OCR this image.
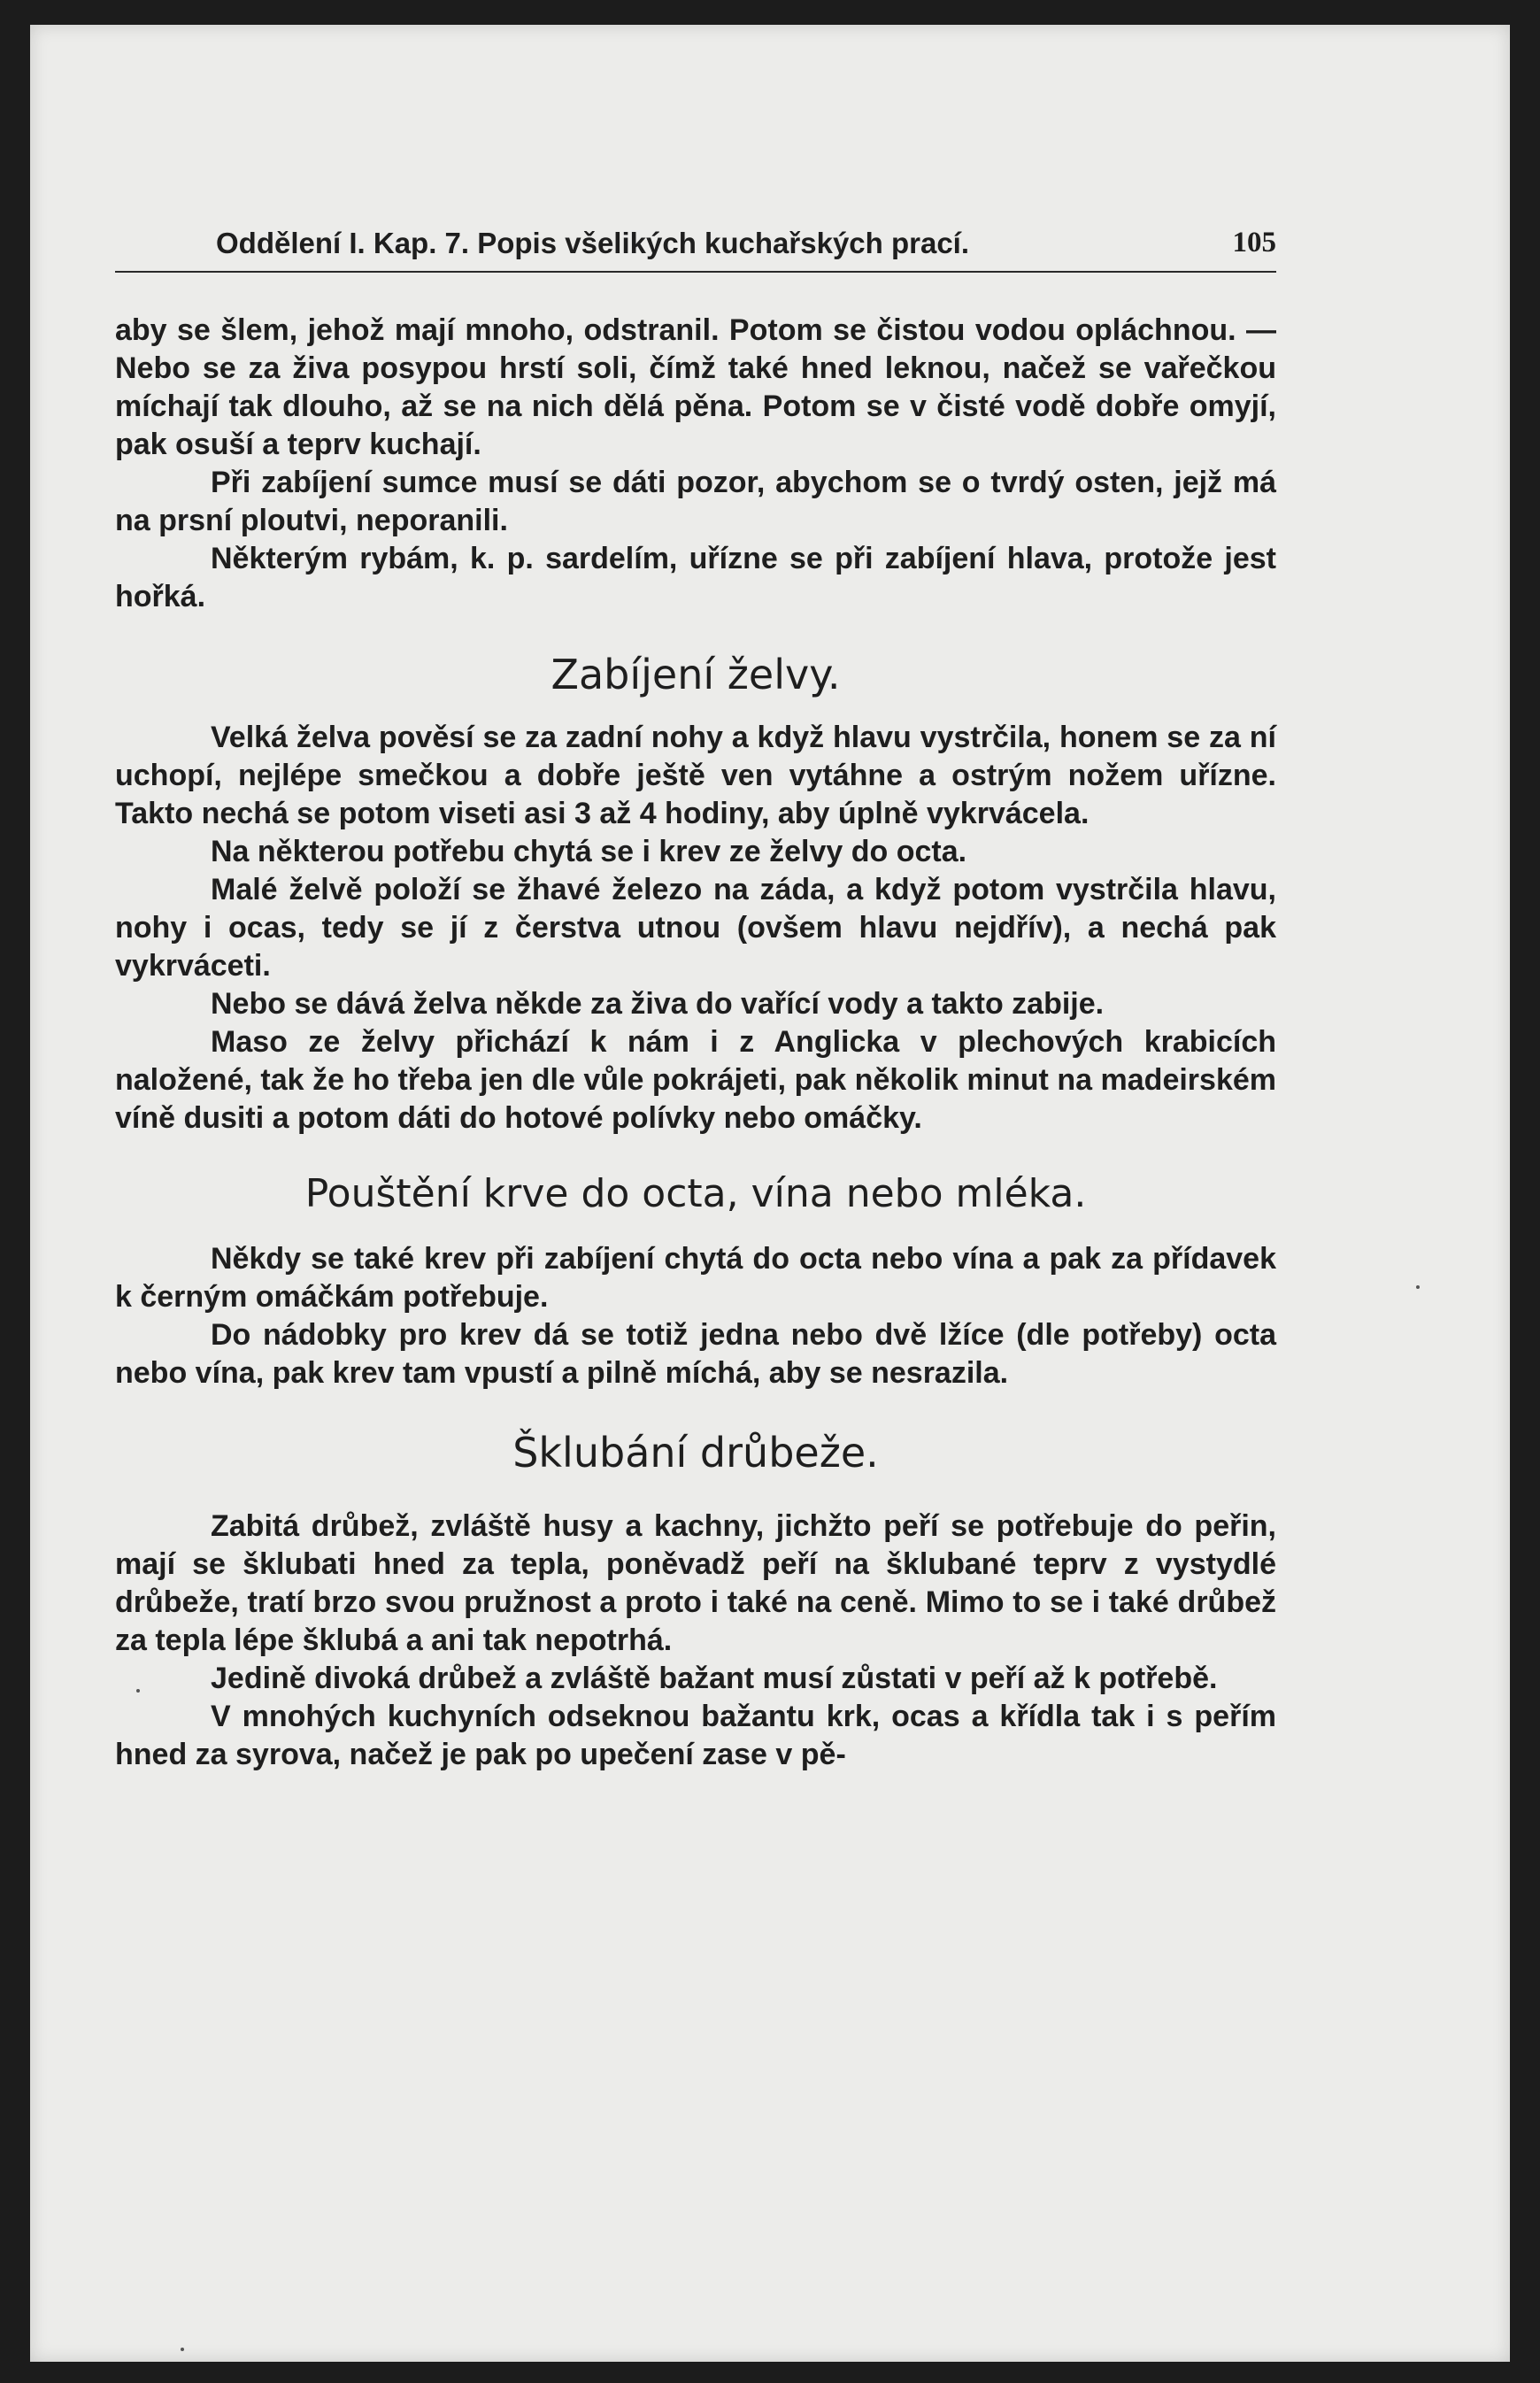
Oddělení I. Kap. 7. Popis všelikých kuchařských prací.	105

aby se šlem, jehož mají mnoho, odstranil. Potom se čistou vodou opláchnou. — Nebo se za živa posypou hrstí soli, čímž také hned leknou, načež se vařečkou míchají tak dlouho, až se na nich dělá pěna. Potom se v čisté vodě dobře omyjí, pak osuší a teprv kuchají.

Při zabíjení sumce musí se dáti pozor, abychom se o tvrdý osten, jejž má na prsní ploutvi, neporanili.

Některým rybám, k. p. sardelím, uřízne se při zabíjení hlava, protože jest hořká.

Zabíjení želvy.

Velká želva pověsí se za zadní nohy a když hlavu vystrčila, honem se za ní uchopí, nejlépe smečkou a dobře ještě ven vytáhne a ostrým nožem uřízne. Takto nechá se potom viseti asi 3 až 4 hodiny, aby úplně vykrvácela.

Na některou potřebu chytá se i krev ze želvy do octa.

Malé želvě položí se žhavé železo na záda, a když potom vystrčila hlavu, nohy i ocas, tedy se jí z čerstva utnou (ovšem hlavu nejdřív), a nechá pak vykrváceti.

Nebo se dává želva někde za živa do vařící vody a takto zabije.

Maso ze želvy přichází k nám i z Anglicka v plechových krabicích naložené, tak že ho třeba jen dle vůle pokrájeti, pak několik minut na madeirském víně dusiti a potom dáti do hotové polívky nebo omáčky.

Pouštění krve do octa, vína nebo mléka.

Někdy se také krev při zabíjení chytá do octa nebo vína a pak za přídavek k černým omáčkám potřebuje.

Do nádobky pro krev dá se totiž jedna nebo dvě lžíce (dle potřeby) octa nebo vína, pak krev tam vpustí a pilně míchá, aby se nesrazila.

Šklubání drůbeže.

Zabitá drůbež, zvláště husy a kachny, jichžto peří se potřebuje do peřin, mají se šklubati hned za tepla, poněvadž peří na šklubané teprv z vystydlé drůbeže, tratí brzo svou pružnost a proto i také na ceně. Mimo to se i také drůbež za tepla lépe šklubá a ani tak nepotrhá.

Jedině divoká drůbež a zvláště bažant musí zůstati v peří až k potřebě.

V mnohých kuchyních odseknou bažantu krk, ocas a křídla tak i s peřím hned za syrova, načež je pak po upečení zase v pě-
